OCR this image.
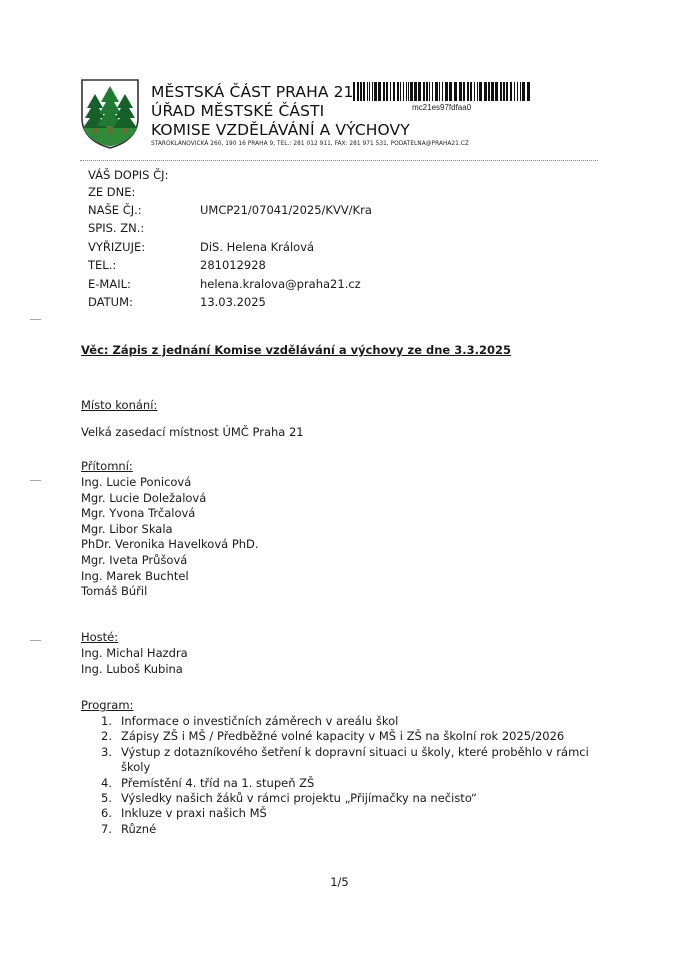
MĚSTSKÁ ČÁST PRAHA 21
ÚŘAD MĚSTSKÉ ČÁSTI
KOMISE VZDĚLÁVÁNÍ A VÝCHOVY
STAROKLÁNOVICKÁ 260, 190 16 PRAHA 9, TEL.: 281 012 911, FAX: 281 971 531, PODATELNA@PRAHA21.CZ
mc21es97fdfaa0
VÁŠ DOPIS ČJ:
ZE DNE:
NAŠE ČJ.:	UMCP21/07041/2025/KVV/Kra
SPIS. ZN.:
VYŘIZUJE:	DiS. Helena Králová
TEL.:	281012928
E-MAIL:	helena.kralova@praha21.cz
DATUM:	13.03.2025
Věc: Zápis z jednání Komise vzdělávání a výchovy ze dne 3.3.2025
Místo konání:
Velká zasedací místnost ÚMČ Praha 21
Přítomní:
Ing. Lucie Ponicová
Mgr. Lucie Doležalová
Mgr. Yvona Trčalová
Mgr. Libor Skala
PhDr. Veronika Havelková PhD.
Mgr. Iveta Průšová
Ing. Marek Buchtel
Tomáš Búřil
Hosté:
Ing. Michal Hazdra
Ing. Luboš Kubina
Program:
1. Informace o investičních záměrech v areálu škol
2. Zápisy ZŠ i MŠ / Předběžné volné kapacity v MŠ i ZŠ na školní rok 2025/2026
3. Výstup z dotazníkového šetření k dopravní situaci u školy, které proběhlo v rámci
školy
4. Přemístění 4. tříd na 1. stupeň ZŠ
5. Výsledky našich žáků v rámci projektu „Přijímačky na nečisto“
6. Inkluze v praxi našich MŠ
7. Různé
1/5
